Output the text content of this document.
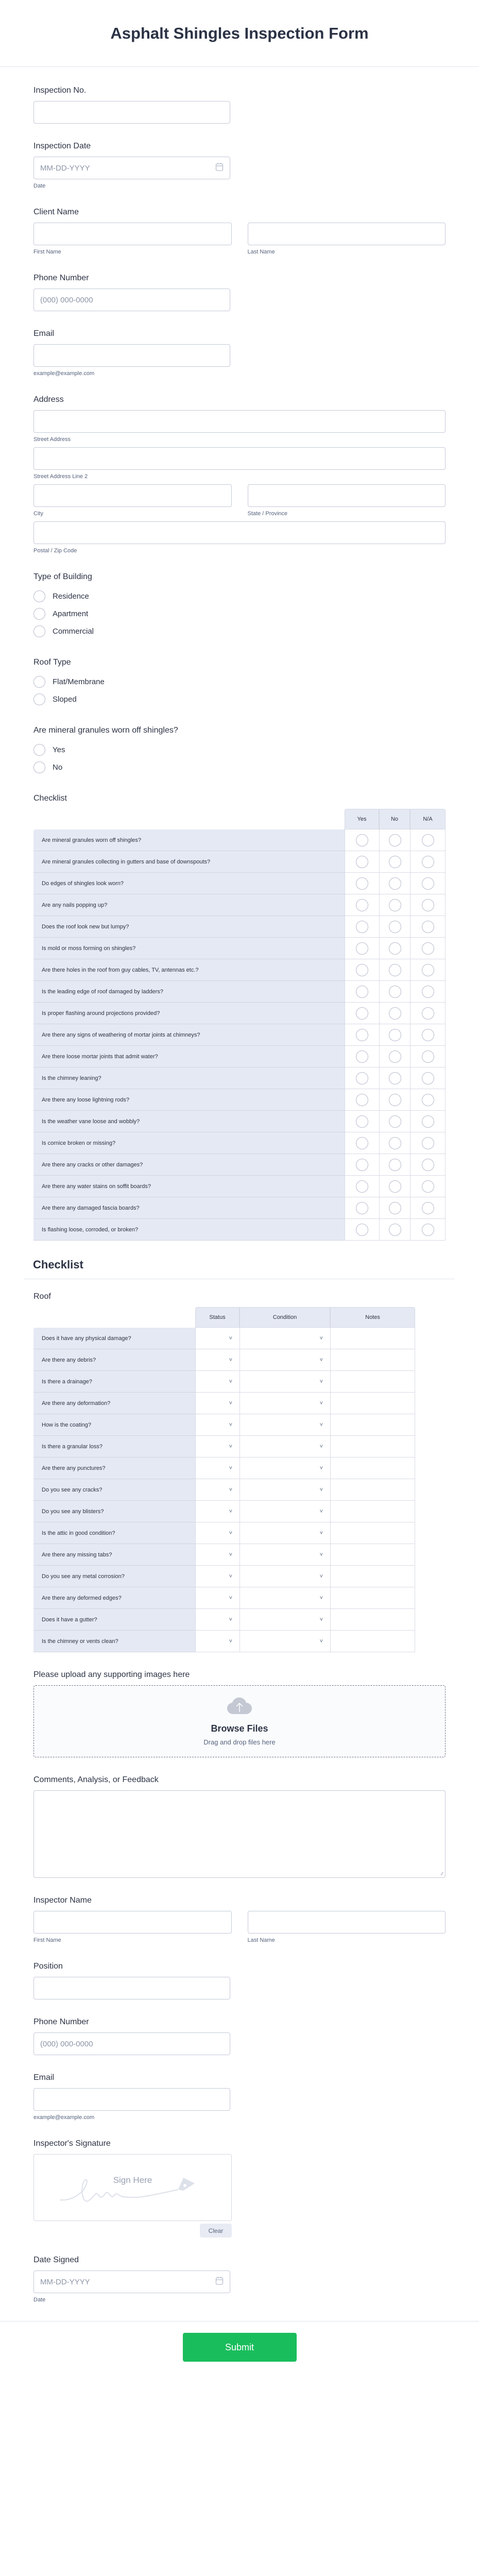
Asphalt Shingles Inspection Form
Inspection No.
Inspection Date
MM-DD-YYYY
Date
Client Name
First Name	Last Name
Phone Number
(000) 000-0000
Email
example@example.com
Address
Street Address
Street Address Line 2
City	State / Province
Postal / Zip Code
Type of Building
Residence
Apartment
Commercial
Roof Type
Flat/Membrane
Sloped
Are mineral granules worn off shingles?
Yes
No
Checklist
Yes	No	N/A
Are mineral granules worn off shingles?
Are mineral granules collecting in gutters and base of downspouts?
Do edges of shingles look worn?
Are any nails popping up?
Does the roof look new but lumpy?
Is mold or moss forming on shingles?
Are there holes in the roof from guy cables, TV, antennas etc.?
Is the leading edge of roof damaged by ladders?
Is proper flashing around projections provided?
Are there any signs of weathering of mortar joints at chimneys?
Are there loose mortar joints that admit water?
Is the chimney leaning?
Are there any loose lightning rods?
Is the weather vane loose and wobbly?
Is cornice broken or missing?
Are there any cracks or other damages?
Are there any water stains on soffit boards?
Are there any damaged fascia boards?
Is flashing loose, corroded, or broken?
Checklist
Roof
Status	Condition	Notes
Does it have any physical damage?	˅	˅
Are there any debris?	˅	˅
Is there a drainage?	˅	˅
Are there any deformation?	˅	˅
How is the coating?	˅	˅
Is there a granular loss?	˅	˅
Are there any punctures?	˅	˅
Do you see any cracks?	˅	˅
Do you see any blisters?	˅	˅
Is the attic in good condition?	˅	˅
Are there any missing tabs?	˅	˅
Do you see any metal corrosion?	˅	˅
Are there any deformed edges?	˅	˅
Does it have a gutter?	˅	˅
Is the chimney or vents clean?	˅	˅
Please upload any supporting images here
Browse Files
Drag and drop files here
Comments, Analysis, or Feedback
⁄⁄
Inspector Name
First Name	Last Name
Position
Phone Number
(000) 000-0000
Email
example@example.com
Inspector's Signature
Sign Here
Clear
Date Signed
MM-DD-YYYY
Date
Submit
